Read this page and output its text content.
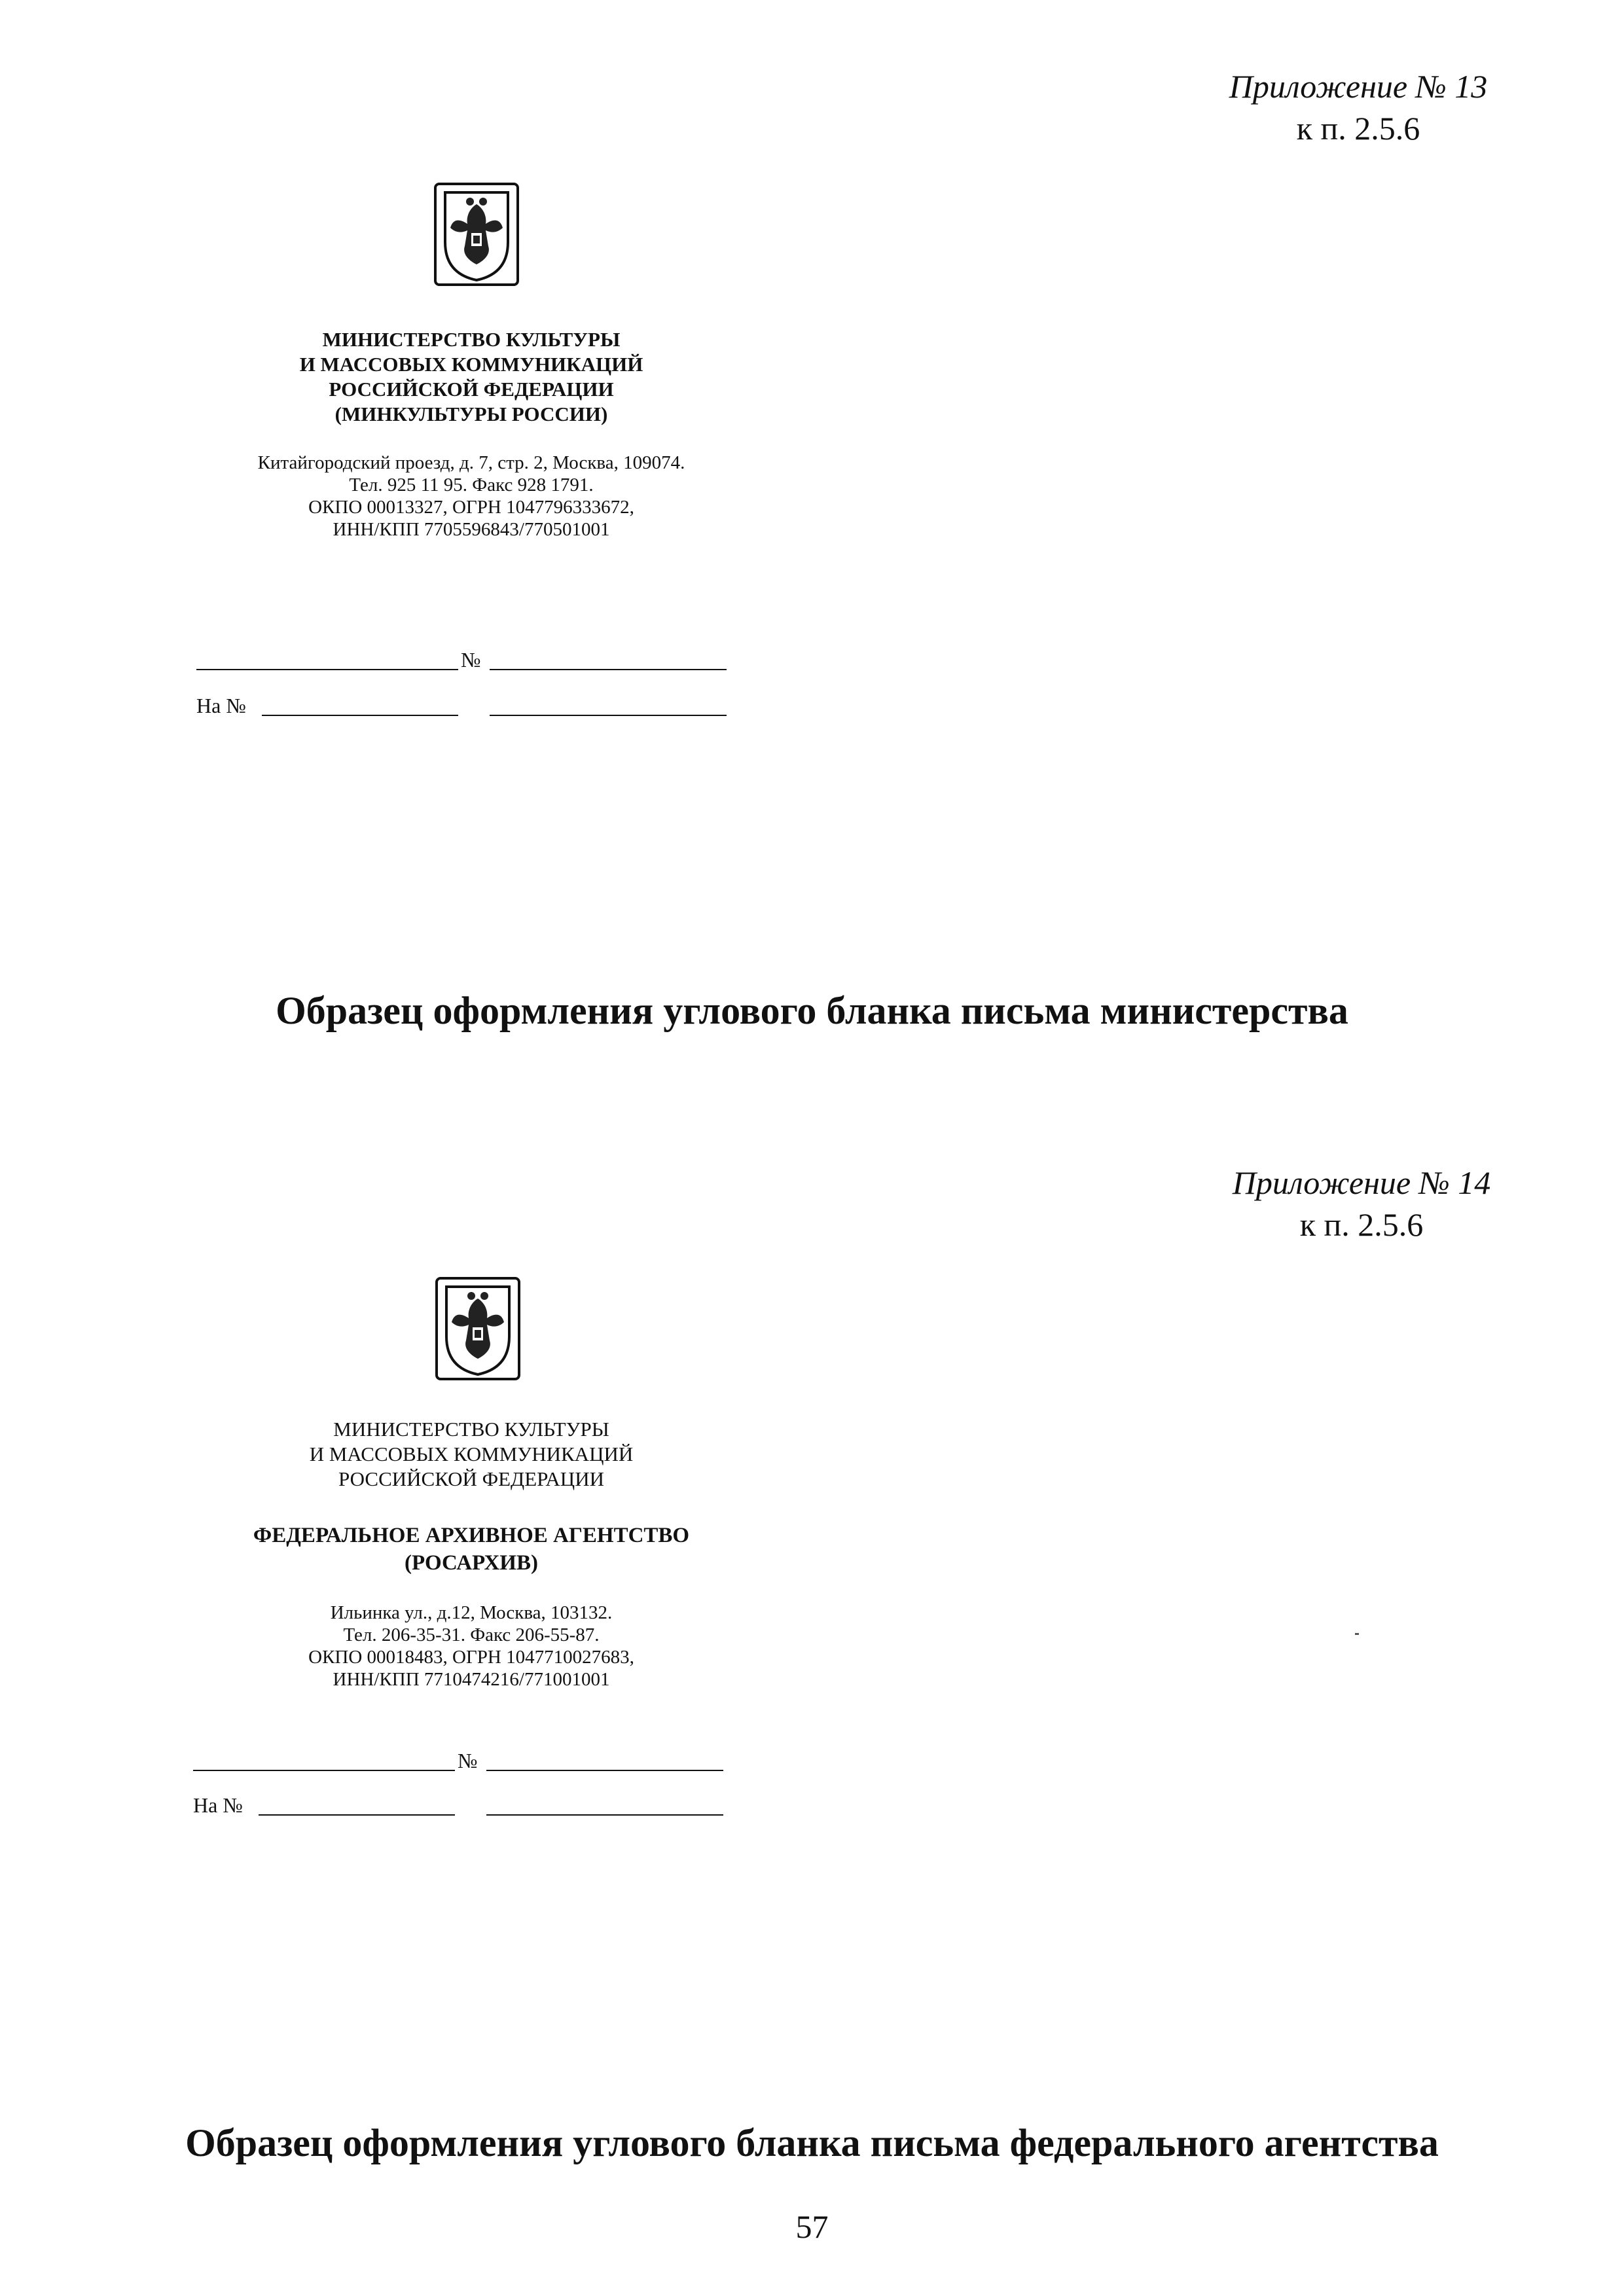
Приложение № 13
к п. 2.5.6
МИНИСТЕРСТВО КУЛЬТУРЫ
И МАССОВЫХ КОММУНИКАЦИЙ
РОССИЙСКОЙ ФЕДЕРАЦИИ
(МИНКУЛЬТУРЫ РОССИИ)
Китайгородский проезд, д. 7, стр. 2, Москва, 109074.
Тел. 925 11 95. Факс 928 1791.
ОКПО 00013327, ОГРН 1047796333672,
ИНН/КПП 7705596843/770501001
№
На №
Образец оформления углового бланка письма министерства
Приложение № 14
к п. 2.5.6
МИНИСТЕРСТВО КУЛЬТУРЫ
И МАССОВЫХ КОММУНИКАЦИЙ
РОССИЙСКОЙ ФЕДЕРАЦИИ
ФЕДЕРАЛЬНОЕ АРХИВНОЕ АГЕНТСТВО
(РОСАРХИВ)
Ильинка ул., д.12, Москва, 103132.
Тел. 206-35-31. Факс 206-55-87.
ОКПО 00018483, ОГРН 1047710027683,
ИНН/КПП 7710474216/771001001
№
На №
Образец оформления углового бланка письма федерального агентства
57
